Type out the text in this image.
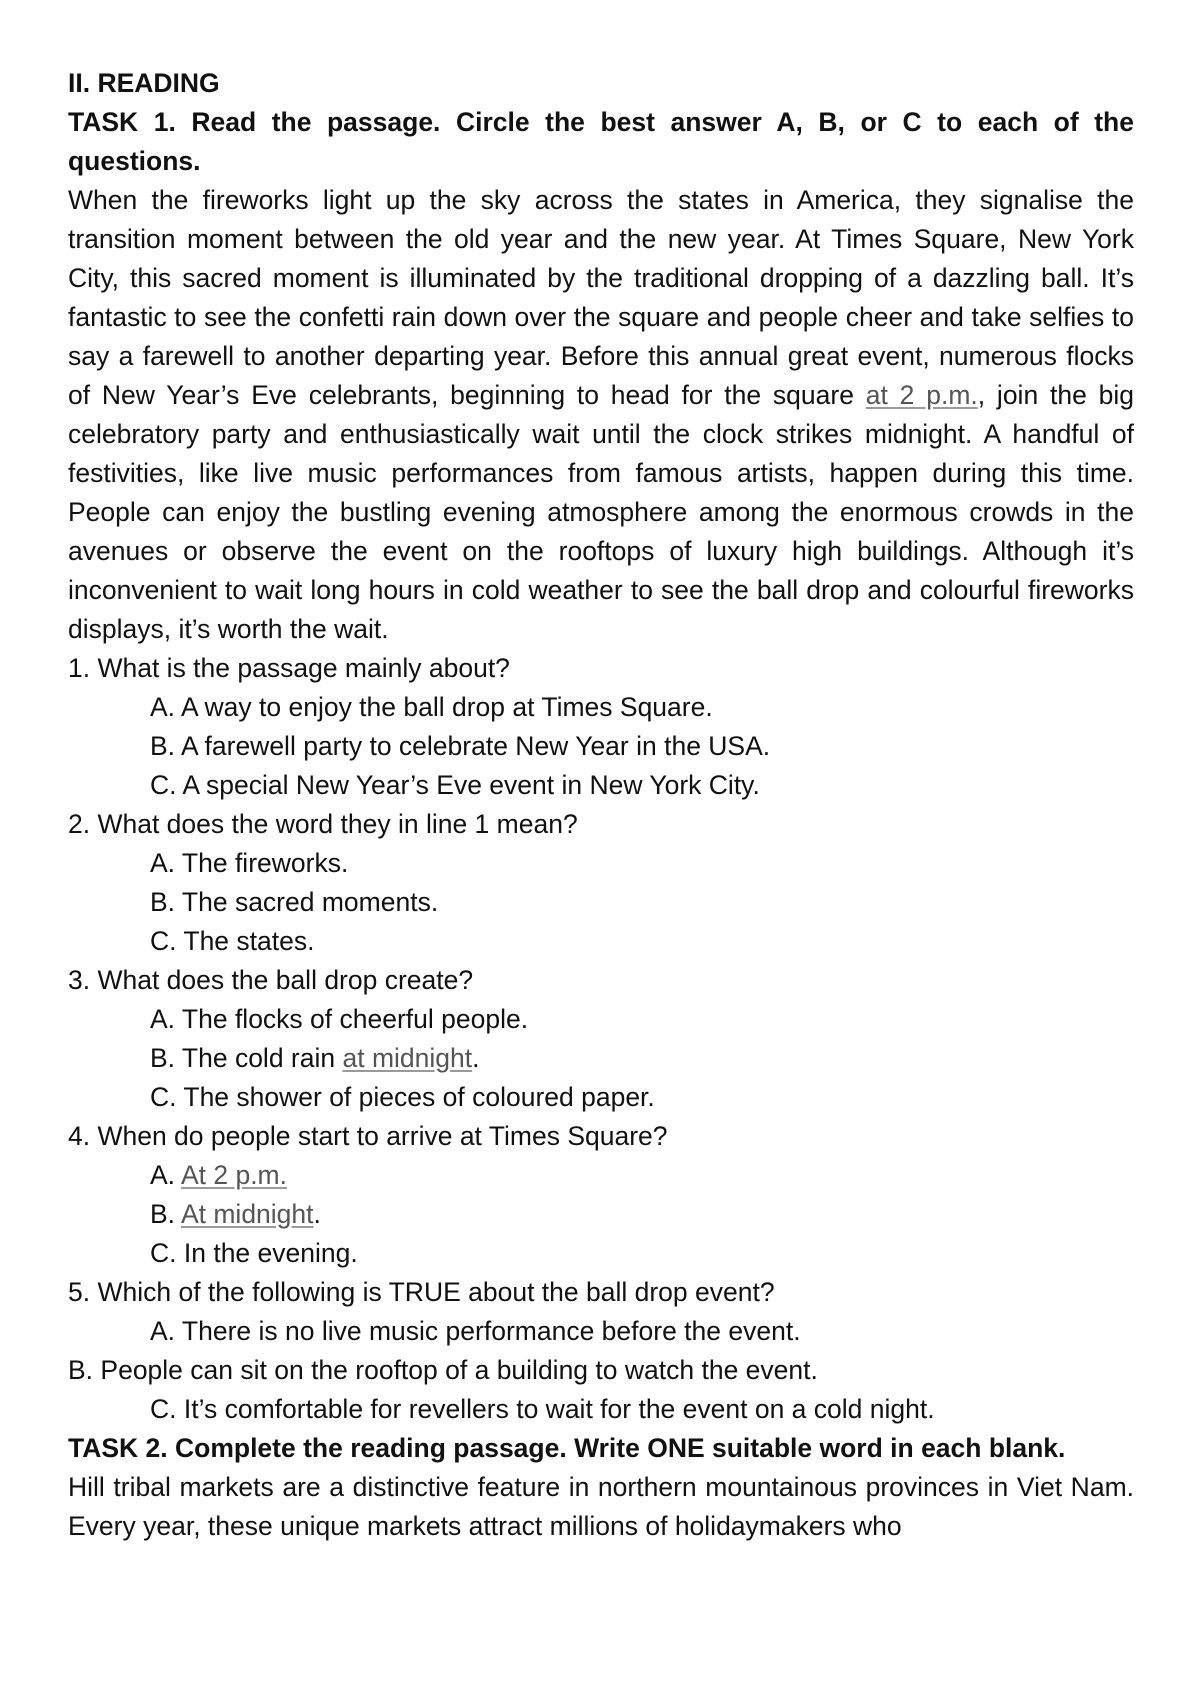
II. READING

TASK 1. Read the passage. Circle the best answer A, B, or C to each of the questions.

When the fireworks light up the sky across the states in America, they signalise the transition moment between the old year and the new year. At Times Square, New York City, this sacred moment is illuminated by the traditional dropping of a dazzling ball. It’s fantastic to see the confetti rain down over the square and people cheer and take selfies to say a farewell to another departing year. Before this annual great event, numerous flocks of New Year’s Eve celebrants, beginning to head for the square at 2 p.m., join the big celebratory party and enthusiastically wait until the clock strikes midnight. A handful of festivities, like live music performances from famous artists, happen during this time. People can enjoy the bustling evening atmosphere among the enormous crowds in the avenues or observe the event on the rooftops of luxury high buildings. Although it’s inconvenient to wait long hours in cold weather to see the ball drop and colourful fireworks displays, it’s worth the wait.

1. What is the passage mainly about?

A. A way to enjoy the ball drop at Times Square.

B. A farewell party to celebrate New Year in the USA.

C. A special New Year’s Eve event in New York City.

2. What does the word they in line 1 mean?

A. The fireworks.

B. The sacred moments.

C. The states.

3. What does the ball drop create?

A. The flocks of cheerful people.

B. The cold rain at midnight.

C. The shower of pieces of coloured paper.

4. When do people start to arrive at Times Square?

A. At 2 p.m.

B. At midnight.

C. In the evening.

5. Which of the following is TRUE about the ball drop event?

A. There is no live music performance before the event.

B. People can sit on the rooftop of a building to watch the event.

C. It’s comfortable for revellers to wait for the event on a cold night.

TASK 2. Complete the reading passage. Write ONE suitable word in each blank.

Hill tribal markets are a distinctive feature in northern mountainous provinces in Viet Nam. Every year, these unique markets attract millions of holidaymakers who
